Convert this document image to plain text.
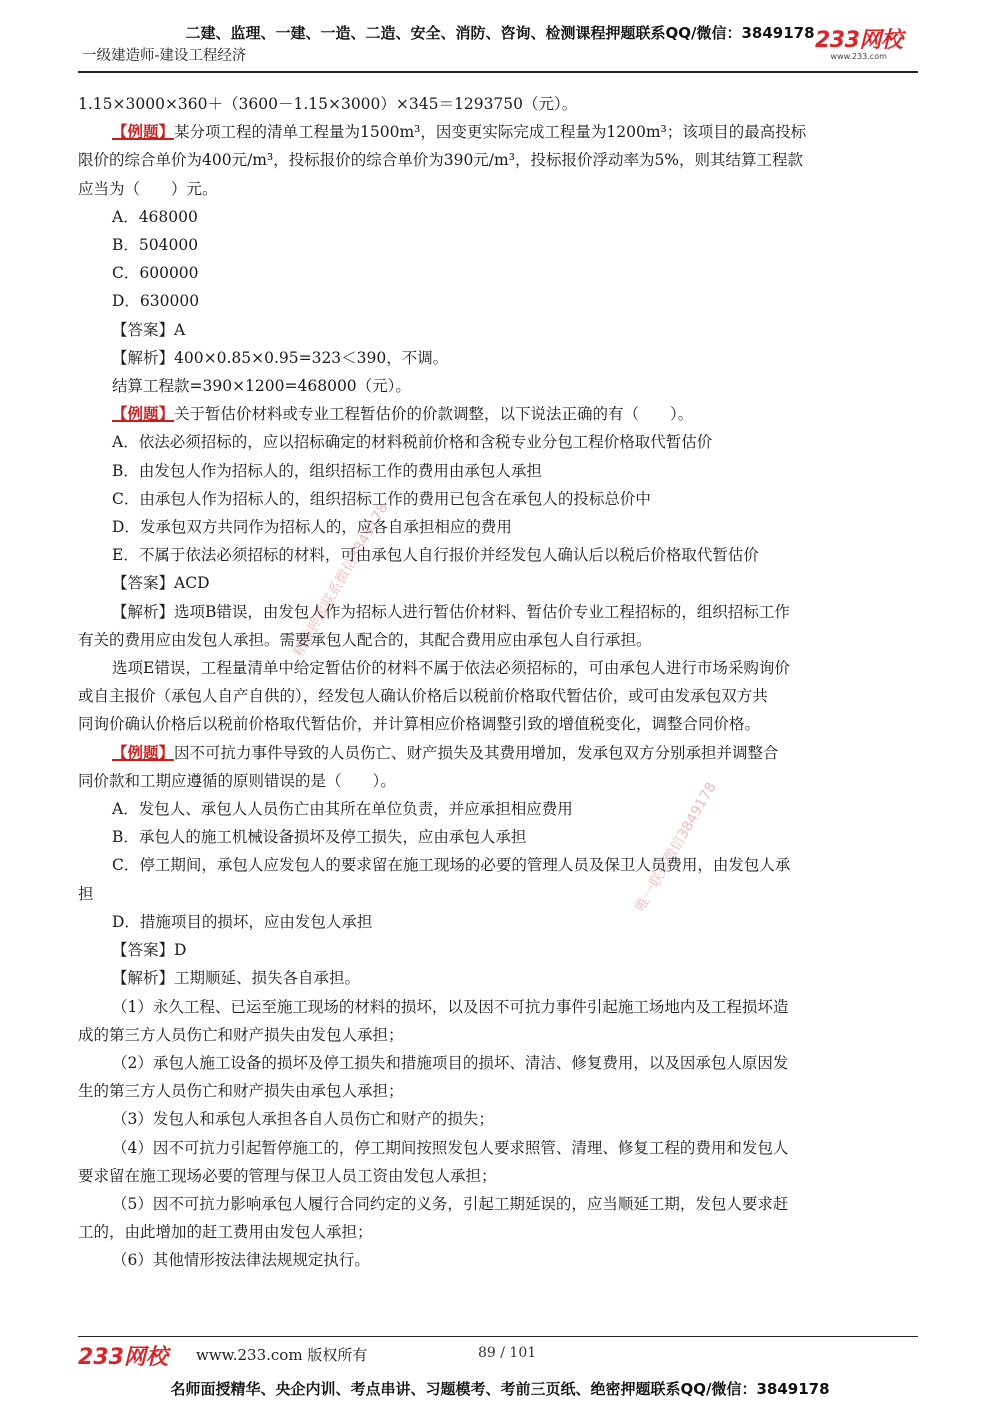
二建、监理、一建、一造、二造、安全、消防、咨询、检测课程押题联系QQ/微信：3849178
一级建造师-建设工程经济
233网校
www.233.com
精准押题联系微信3849178
唯一联系微信3849178

1.15×3000×360＋（3600－1.15×3000）×345＝1293750（元）。

【例题】某分项工程的清单工程量为1500m³，因变更实际完成工程量为1200m³；该项目的最高投标

限价的综合单价为400元/m³，投标报价的综合单价为390元/m³，投标报价浮动率为5%，则其结算工程款

应当为（　　）元。

A．468000

B．504000

C．600000

D．630000

【答案】A

【解析】400×0.85×0.95=323＜390，不调。

结算工程款=390×1200=468000（元）。

【例题】关于暂估价材料或专业工程暂估价的价款调整，以下说法正确的有（　　）。

A．依法必须招标的，应以招标确定的材料税前价格和含税专业分包工程价格取代暂估价

B．由发包人作为招标人的，组织招标工作的费用由承包人承担

C．由承包人作为招标人的，组织招标工作的费用已包含在承包人的投标总价中

D．发承包双方共同作为招标人的，应各自承担相应的费用

E．不属于依法必须招标的材料，可由承包人自行报价并经发包人确认后以税后价格取代暂估价

【答案】ACD

【解析】选项B错误，由发包人作为招标人进行暂估价材料、暂估价专业工程招标的，组织招标工作

有关的费用应由发包人承担。需要承包人配合的，其配合费用应由承包人自行承担。

选项E错误，工程量清单中给定暂估价的材料不属于依法必须招标的，可由承包人进行市场采购询价

或自主报价（承包人自产自供的），经发包人确认价格后以税前价格取代暂估价，或可由发承包双方共

同询价确认价格后以税前价格取代暂估价，并计算相应价格调整引致的增值税变化，调整合同价格。

【例题】因不可抗力事件导致的人员伤亡、财产损失及其费用增加，发承包双方分别承担并调整合

同价款和工期应遵循的原则错误的是（　　）。

A．发包人、承包人人员伤亡由其所在单位负责，并应承担相应费用

B．承包人的施工机械设备损坏及停工损失，应由承包人承担

C．停工期间，承包人应发包人的要求留在施工现场的必要的管理人员及保卫人员费用，由发包人承

担

D．措施项目的损坏，应由发包人承担

【答案】D

【解析】工期顺延、损失各自承担。

（1）永久工程、已运至施工现场的材料的损坏，以及因不可抗力事件引起施工场地内及工程损坏造

成的第三方人员伤亡和财产损失由发包人承担；

（2）承包人施工设备的损坏及停工损失和措施项目的损坏、清洁、修复费用，以及因承包人原因发

生的第三方人员伤亡和财产损失由承包人承担；

（3）发包人和承包人承担各自人员伤亡和财产的损失；

（4）因不可抗力引起暂停施工的，停工期间按照发包人要求照管、清理、修复工程的费用和发包人

要求留在施工现场必要的管理与保卫人员工资由发包人承担；

（5）因不可抗力影响承包人履行合同约定的义务，引起工期延误的，应当顺延工期，发包人要求赶

工的，由此增加的赶工费用由发包人承担；

（6）其他情形按法律法规规定执行。

233网校 www.233.com 版权所有	89 / 101
名师面授精华、央企内训、考点串讲、习题模考、考前三页纸、绝密押题联系QQ/微信：3849178
